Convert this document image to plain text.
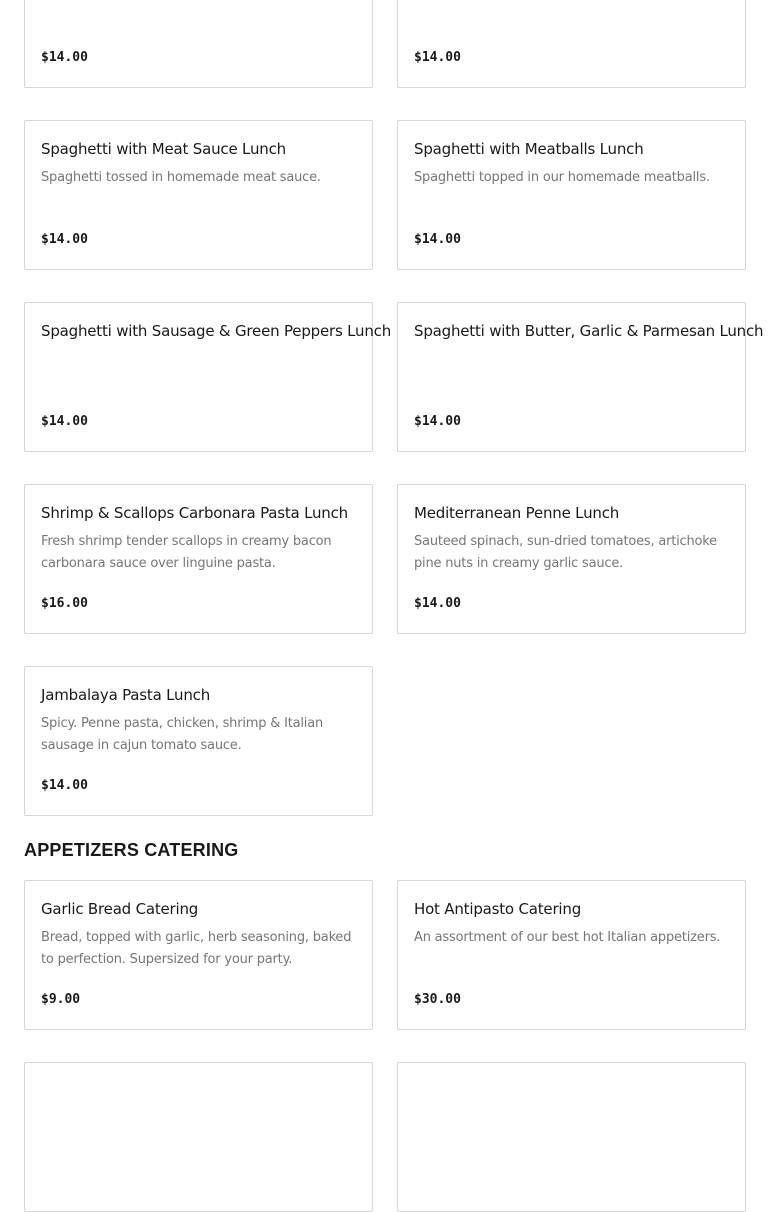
$14.00	$14.00
Spaghetti with Meat Sauce Lunch
Spaghetti tossed in homemade meat sauce.
$14.00
Spaghetti with Meatballs Lunch
Spaghetti topped in our homemade meatballs.
$14.00
Spaghetti with Sausage & Green Peppers Lunch
$14.00
Spaghetti with Butter, Garlic & Parmesan Lunch
$14.00
Shrimp & Scallops Carbonara Pasta Lunch
Fresh shrimp tender scallops in creamy bacon carbonara sauce over linguine pasta.
$16.00
Mediterranean Penne Lunch
Sauteed spinach, sun-dried tomatoes, artichoke pine nuts in creamy garlic sauce.
$14.00
Jambalaya Pasta Lunch
Spicy. Penne pasta, chicken, shrimp & Italian sausage in cajun tomato sauce.
$14.00
APPETIZERS CATERING
Garlic Bread Catering
Bread, topped with garlic, herb seasoning, baked to perfection. Supersized for your party.
$9.00
Hot Antipasto Catering
An assortment of our best hot Italian appetizers.
$30.00
